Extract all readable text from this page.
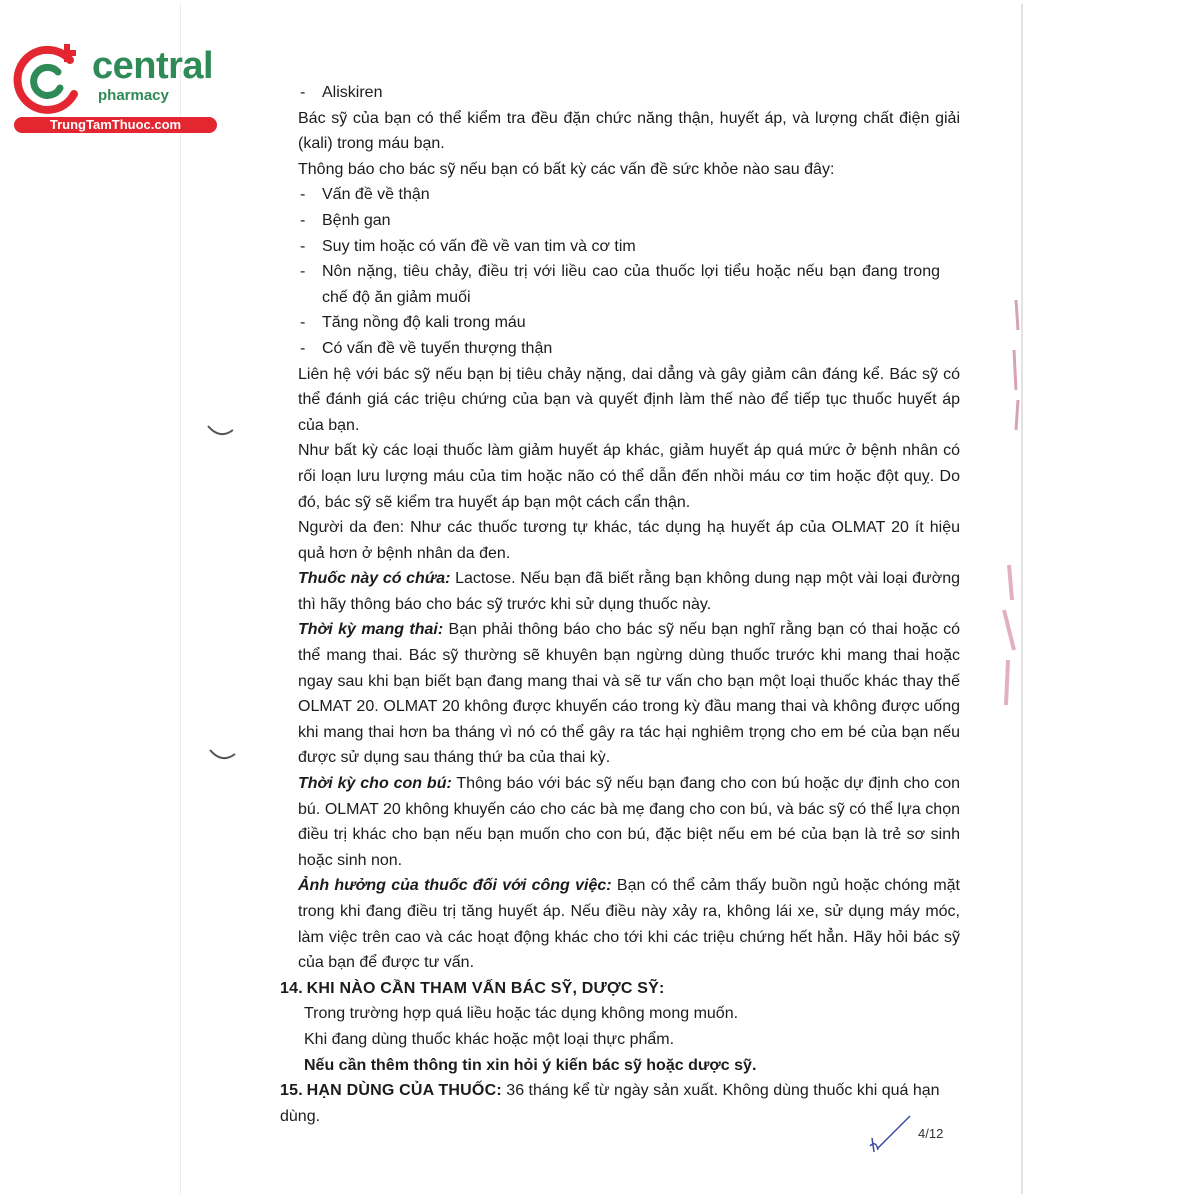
central
pharmacy
TrungTamThuoc.com
- Aliskiren
Bác sỹ của bạn có thể kiểm tra đều đặn chức năng thận, huyết áp, và lượng chất điện giải (kali) trong máu bạn.
Thông báo cho bác sỹ nếu bạn có bất kỳ các vấn đề sức khỏe nào sau đây:
- Vấn đề về thận
- Bệnh gan
- Suy tim hoặc có vấn đề về van tim và cơ tim
- Nôn nặng, tiêu chảy, điều trị với liều cao của thuốc lợi tiểu hoặc nếu bạn đang trong chế độ ăn giảm muối
- Tăng nồng độ kali trong máu
- Có vấn đề về tuyến thượng thận
Liên hệ với bác sỹ nếu bạn bị tiêu chảy nặng, dai dẳng và gây giảm cân đáng kể. Bác sỹ có thể đánh giá các triệu chứng của bạn và quyết định làm thế nào để tiếp tục thuốc huyết áp của bạn.
Như bất kỳ các loại thuốc làm giảm huyết áp khác, giảm huyết áp quá mức ở bệnh nhân có rối loạn lưu lượng máu của tim hoặc não có thể dẫn đến nhồi máu cơ tim hoặc đột quỵ. Do đó, bác sỹ sẽ kiểm tra huyết áp bạn một cách cẩn thận.
Người da đen: Như các thuốc tương tự khác, tác dụng hạ huyết áp của OLMAT 20 ít hiệu quả hơn ở bệnh nhân da đen.
Thuốc này có chứa: Lactose. Nếu bạn đã biết rằng bạn không dung nạp một vài loại đường thì hãy thông báo cho bác sỹ trước khi sử dụng thuốc này.
Thời kỳ mang thai: Bạn phải thông báo cho bác sỹ nếu bạn nghĩ rằng bạn có thai hoặc có thể mang thai. Bác sỹ thường sẽ khuyên bạn ngừng dùng thuốc trước khi mang thai hoặc ngay sau khi bạn biết bạn đang mang thai và sẽ tư vấn cho bạn một loại thuốc khác thay thế OLMAT 20. OLMAT 20 không được khuyến cáo trong kỳ đầu mang thai và không được uống khi mang thai hơn ba tháng vì nó có thể gây ra tác hại nghiêm trọng cho em bé của bạn nếu được sử dụng sau tháng thứ ba của thai kỳ.
Thời kỳ cho con bú: Thông báo với bác sỹ nếu bạn đang cho con bú hoặc dự định cho con bú. OLMAT 20 không khuyến cáo cho các bà mẹ đang cho con bú, và bác sỹ có thể lựa chọn điều trị khác cho bạn nếu bạn muốn cho con bú, đặc biệt nếu em bé của bạn là trẻ sơ sinh hoặc sinh non.
Ảnh hưởng của thuốc đối với công việc: Bạn có thể cảm thấy buồn ngủ hoặc chóng mặt trong khi đang điều trị tăng huyết áp. Nếu điều này xảy ra, không lái xe, sử dụng máy móc, làm việc trên cao và các hoạt động khác cho tới khi các triệu chứng hết hẳn. Hãy hỏi bác sỹ của bạn để được tư vấn.
14. KHI NÀO CẦN THAM VẤN BÁC SỸ, DƯỢC SỸ:
Trong trường hợp quá liều hoặc tác dụng không mong muốn.
Khi đang dùng thuốc khác hoặc một loại thực phẩm.
Nếu cần thêm thông tin xin hỏi ý kiến bác sỹ hoặc dược sỹ.
15. HẠN DÙNG CỦA THUỐC: 36 tháng kể từ ngày sản xuất. Không dùng thuốc khi quá hạn dùng.
4/12
